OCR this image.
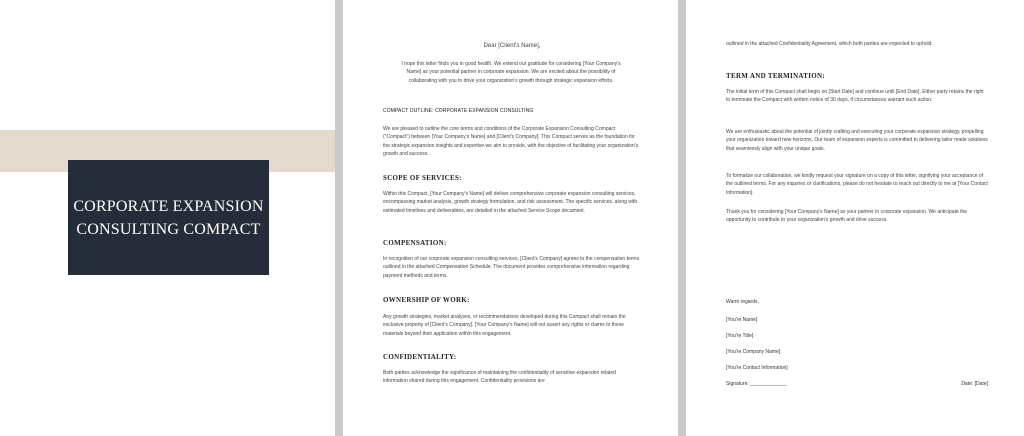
CORPORATE EXPANSION
CONSULTING COMPACT

Dear [Client's Name],

I hope this letter finds you in good health. We extend our gratitude for considering [Your Company's Name] as your potential partner in corporate expansion. We are excited about the possibility of collaborating with you to drive your organization's growth through strategic expansion efforts.

COMPACT OUTLINE: CORPORATE EXPANSION CONSULTING

We are pleased to outline the core terms and conditions of the Corporate Expansion Consulting Compact ("Compact") between [Your Company's Name] and [Client's Company]. This Compact serves as the foundation for the strategic expansion insights and expertise we aim to provide, with the objective of facilitating your organization's growth and success.

SCOPE OF SERVICES:

Within this Compact, [Your Company's Name] will deliver comprehensive corporate expansion consulting services, encompassing market analysis, growth strategy formulation, and risk assessment. The specific services, along with estimated timelines and deliverables, are detailed in the attached Service Scope document.

COMPENSATION:

In recognition of our corporate expansion consulting services, [Client's Company] agrees to the compensation terms outlined in the attached Compensation Schedule. The document provides comprehensive information regarding payment methods and terms.

OWNERSHIP OF WORK:

Any growth strategies, market analyses, or recommendations developed during this Compact shall remain the exclusive property of [Client's Company]. [Your Company's Name] will not assert any rights or claims to these materials beyond their application within this engagement.

CONFIDENTIALITY:

Both parties acknowledge the significance of maintaining the confidentiality of sensitive expansion related information shared during this engagement. Confidentiality provisions are

outlined in the attached Confidentiality Agreement, which both parties are expected to uphold.

TERM AND TERMINATION:

The initial term of this Compact shall begin on [Start Date] and continue until [End Date]. Either party retains the right to terminate the Compact with written notice of 30 days, if circumstances warrant such action.

We are enthusiastic about the potential of jointly crafting and executing your corporate expansion strategy, propelling your organization toward new horizons. Our team of expansion experts is committed to delivering tailor made solutions that seamlessly align with your unique goals.

To formalize our collaboration, we kindly request your signature on a copy of this letter, signifying your acceptance of the outlined terms. For any inquiries or clarifications, please do not hesitate to reach out directly to me at [Your Contact Information].

Thank you for considering [Your Company's Name] as your partner in corporate expansion. We anticipate the opportunity to contribute to your organization's growth and drive success.

Warm regards,

[You're Name]

[You're Title]

[You're Company Name]

[You're Contact Information]

Signature: _____________	Date: [Date]
